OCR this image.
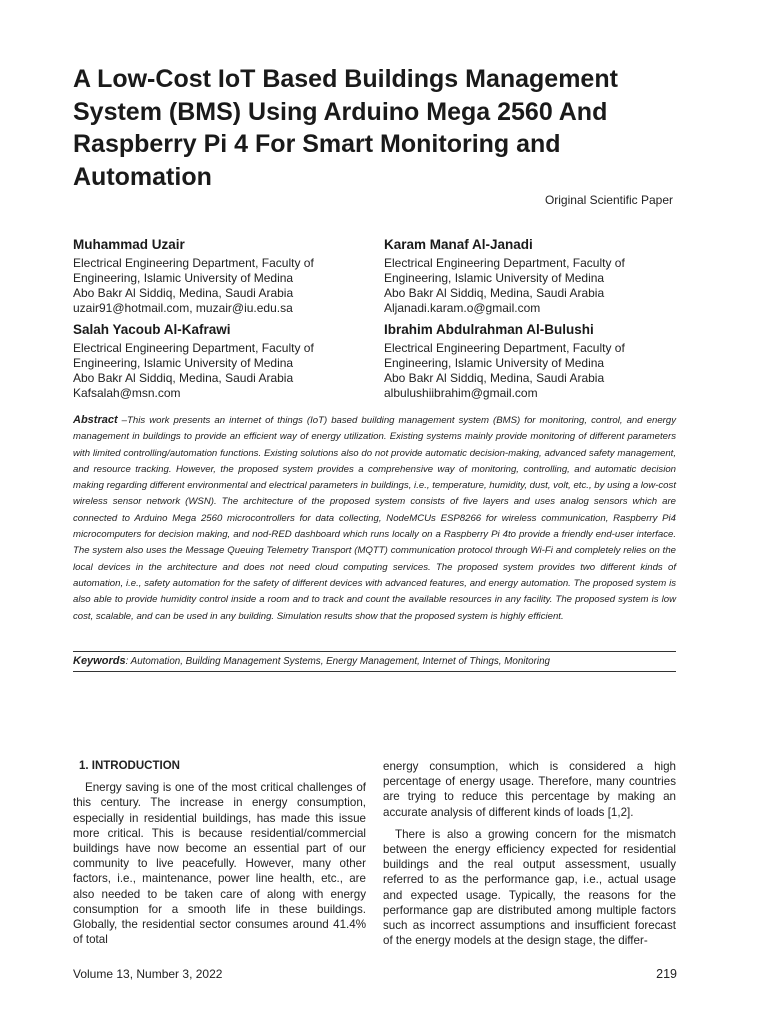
A Low-Cost IoT Based Buildings Management System (BMS) Using Arduino Mega 2560 And Raspberry Pi 4 For Smart Monitoring and Automation
Original Scientific Paper
Muhammad Uzair
Electrical Engineering Department, Faculty of
Engineering, Islamic University of Medina
Abo Bakr Al Siddiq, Medina, Saudi Arabia
uzair91@hotmail.com, muzair@iu.edu.sa
Karam Manaf Al-Janadi
Electrical Engineering Department, Faculty of
Engineering, Islamic University of Medina
Abo Bakr Al Siddiq, Medina, Saudi Arabia
Aljanadi.karam.o@gmail.com
Salah Yacoub Al-Kafrawi
Electrical Engineering Department, Faculty of
Engineering, Islamic University of Medina
Abo Bakr Al Siddiq, Medina, Saudi Arabia
Kafsalah@msn.com
Ibrahim Abdulrahman Al-Bulushi
Electrical Engineering Department, Faculty of
Engineering, Islamic University of Medina
Abo Bakr Al Siddiq, Medina, Saudi Arabia
albulushiibrahim@gmail.com

Abstract –This work presents an internet of things (IoT) based building management system (BMS) for monitoring, control, and energy management in buildings to provide an efficient way of energy utilization. Existing systems mainly provide monitoring of different parameters with limited controlling/automation functions. Existing solutions also do not provide automatic decision-making, advanced safety management, and resource tracking. However, the proposed system provides a comprehensive way of monitoring, controlling, and automatic decision making regarding different environmental and electrical parameters in buildings, i.e., temperature, humidity, dust, volt, etc., by using a low-cost wireless sensor network (WSN). The architecture of the proposed system consists of five layers and uses analog sensors which are connected to Arduino Mega 2560 microcontrollers for data collecting, NodeMCUs ESP8266 for wireless communication, Raspberry Pi4 microcomputers for decision making, and nod-RED dashboard which runs locally on a Raspberry Pi 4to provide a friendly end-user interface. The system also uses the Message Queuing Telemetry Transport (MQTT) communication protocol through Wi-Fi and completely relies on the local devices in the architecture and does not need cloud computing services. The proposed system provides two different kinds of automation, i.e., safety automation for the safety of different devices with advanced features, and energy automation. The proposed system is also able to provide humidity control inside a room and to track and count the available resources in any facility. The proposed system is low cost, scalable, and can be used in any building. Simulation results show that the proposed system is highly efficient.

Keywords: Automation, Building Management Systems, Energy Management, Internet of Things, Monitoring
1. INTRODUCTION

Energy saving is one of the most critical challenges of this century. The increase in energy consumption, especially in residential buildings, has made this issue more critical. This is because residential/commercial buildings have now become an essential part of our community to live peacefully. However, many other factors, i.e., maintenance, power line health, etc., are also needed to be taken care of along with energy consumption for a smooth life in these buildings. Globally, the residential sector consumes around 41.4% of total

energy consumption, which is considered a high percentage of energy usage. Therefore, many countries are trying to reduce this percentage by making an accurate analysis of different kinds of loads [1,2].

There is also a growing concern for the mismatch between the energy efficiency expected for residential buildings and the real output assessment, usually referred to as the performance gap, i.e., actual usage and expected usage. Typically, the reasons for the performance gap are distributed among multiple factors such as incorrect assumptions and insufficient forecast of the energy models at the design stage, the differ-

Volume 13, Number 3, 2022	219
